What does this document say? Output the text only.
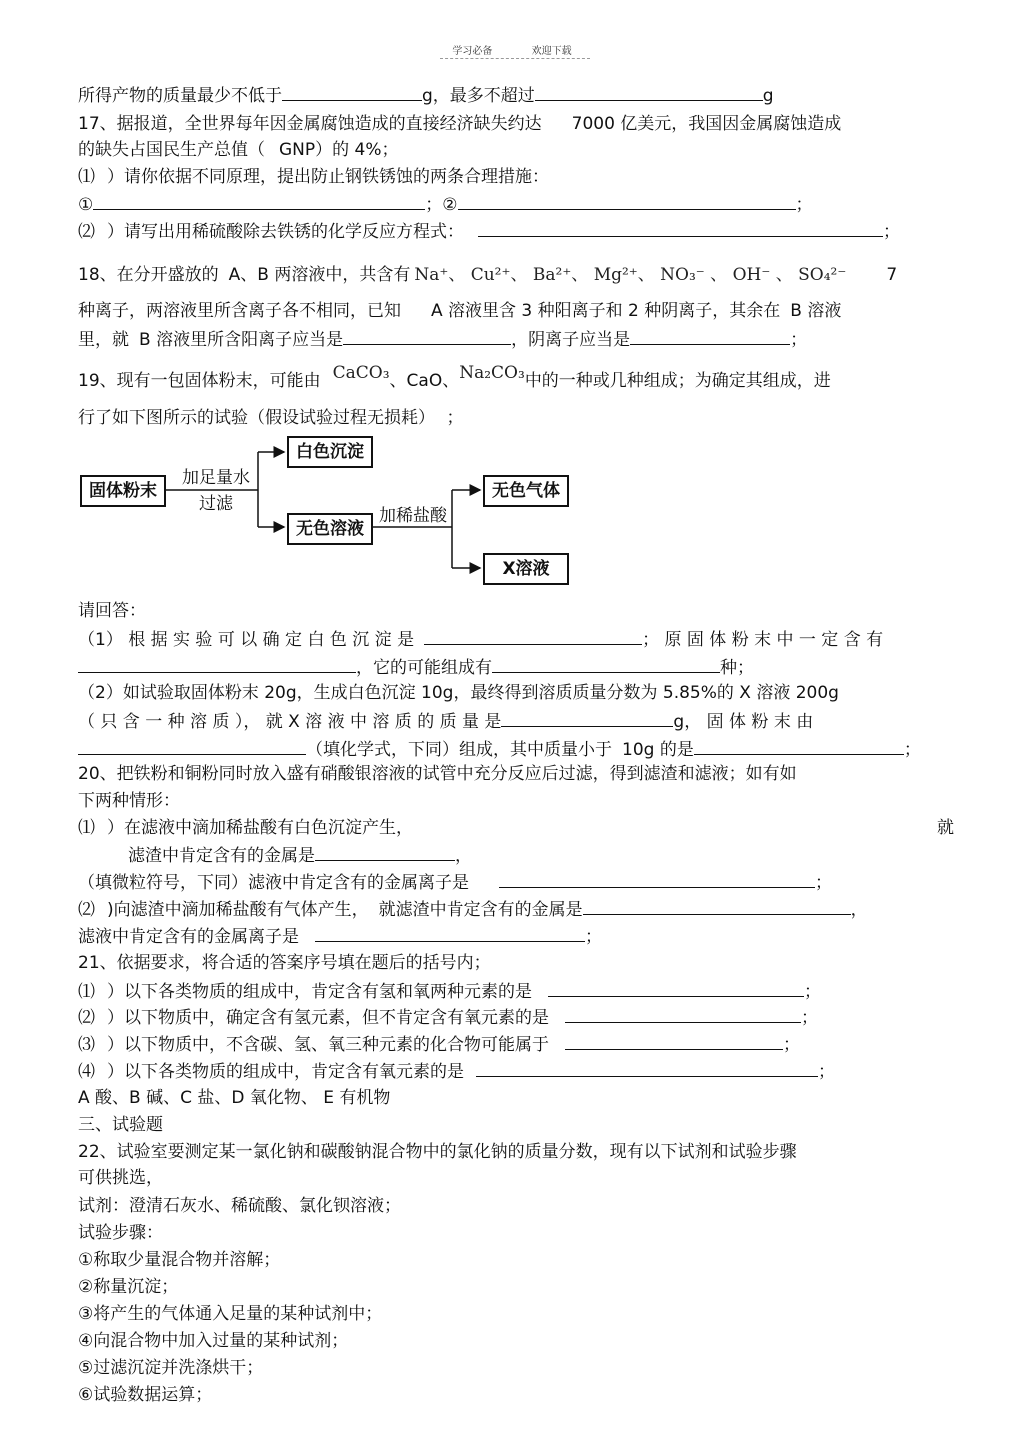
学习必备	欢迎下载
所得产物的质量最少不低于	g，最多不超过	g
17、据报道，全世界每年因金属腐蚀造成的直接经济缺失约达 7000 亿美元，我国因金属腐蚀造成
的缺失占国民生产总值（ GNP）的 4%；
⑴ ）请你依据不同原理，提出防止钢铁锈蚀的两条合理措施：
①	；②	；
⑵ ）请写出用稀硫酸除去铁锈的化学反应方程式：	；
18、在分开盛放的 A、B 两溶液中，共含有 Na⁺、 Cu²⁺、 Ba²⁺、 Mg²⁺、 NO₃⁻ 、 OH⁻ 、 SO₄²⁻ 7
种离子，两溶液里所含离子各不相同，已知 A 溶液里含 3 种阳离子和 2 种阴离子，其余在 B 溶液
里，就 B 溶液里所含阳离子应当是	，阴离子应当是	；
19、现有一包固体粉末，可能由 CaCO₃、CaO、Na₂CO₃中的一种或几种组成；为确定其组成，进
行了如下图所示的试验（假设试验过程无损耗） ；
固体粉末
加足量水
过滤
白色沉淀
无色溶液
加稀盐酸
无色气体
X溶液
请回答：
（1） 根 据 实 验 可 以 确 定 白 色 沉 淀 是	； 原 固 体 粉 末 中 一 定 含 有
，它的可能组成有	种；
（2）如试验取固体粉末 20g，生成白色沉淀 10g，最终得到溶质质量分数为 5.85%的 X 溶液 200g
（ 只 含 一 种 溶 质 ）， 就 X 溶 液 中 溶 质 的 质 量 是	g， 固 体 粉 末 由
（填化学式，下同）组成，其中质量小于 10g 的是	；
20、把铁粉和铜粉同时放入盛有硝酸银溶液的试管中充分反应后过滤，得到滤渣和滤液；如有如
下两种情形：
⑴ ）在滤液中滴加稀盐酸有白色沉淀产生，	就
滤渣中肯定含有的金属是	，
（填微粒符号，下同）滤液中肯定含有的金属离子是	；
⑵ )向滤渣中滴加稀盐酸有气体产生， 就滤渣中肯定含有的金属是	，
滤液中肯定含有的金属离子是	；
21、依据要求，将合适的答案序号填在题后的括号内；
⑴ ）以下各类物质的组成中，肯定含有氢和氧两种元素的是	；
⑵ ）以下物质中，确定含有氢元素，但不肯定含有氧元素的是	；
⑶ ）以下物质中，不含碳、氢、氧三种元素的化合物可能属于	；
⑷ ）以下各类物质的组成中，肯定含有氧元素的是	；
A 酸、B 碱、C 盐、D 氧化物、 E 有机物
三、试验题
22、试验室要测定某一氯化钠和碳酸钠混合物中的氯化钠的质量分数，现有以下试剂和试验步骤
可供挑选，
试剂：澄清石灰水、稀硫酸、氯化钡溶液；
试验步骤：
①称取少量混合物并溶解；
②称量沉淀；
③将产生的气体通入足量的某种试剂中；
④向混合物中加入过量的某种试剂；
⑤过滤沉淀并洗涤烘干；
⑥试验数据运算；
